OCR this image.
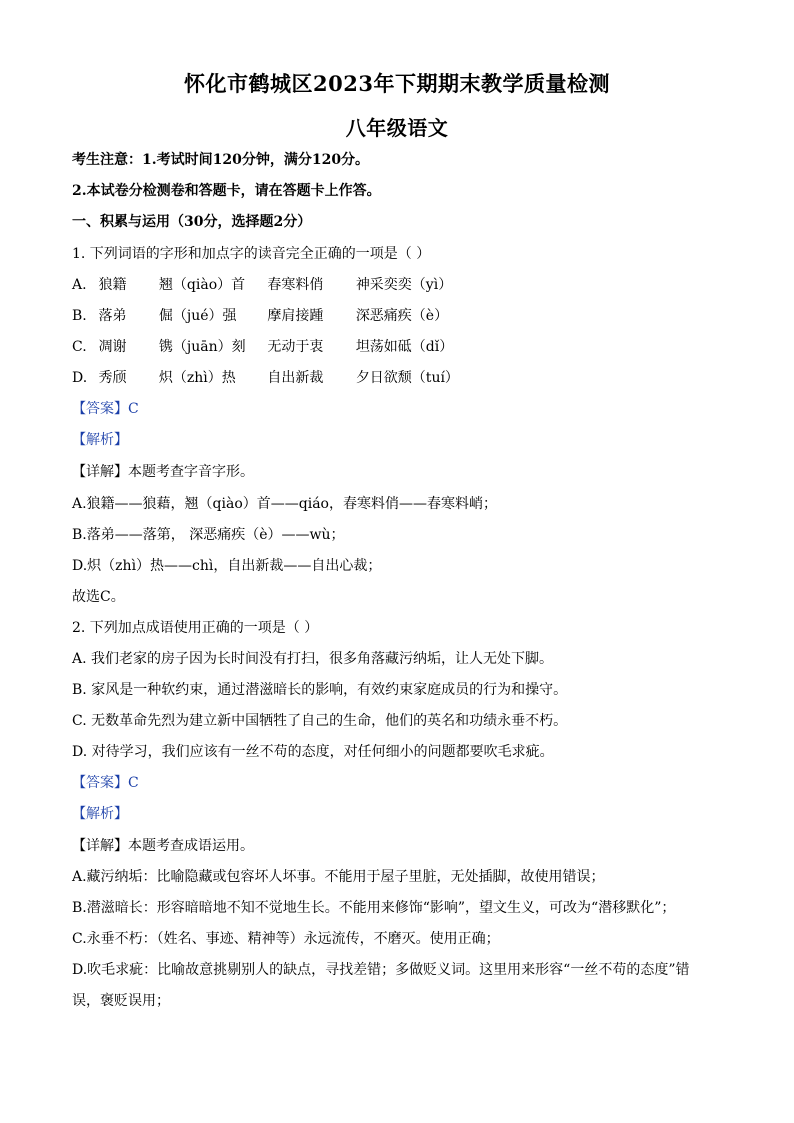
怀化市鹤城区2023年下期期末教学质量检测
八年级语文
考生注意：1.考试时间120分钟，满分120分。
2.本试卷分检测卷和答题卡，请在答题卡上作答。
一、积累与运用（30分，选择题2分）
1. 下列词语的字形和加点字的读音完全正确的一项是（ ）
A. 狼籍 翘（qiào）首 春寒料俏 神采奕奕（yì）
B. 落弟 倔（jué）强 摩肩接踵 深恶痛疾（è）
C. 凋谢 镌（juān）刻 无动于衷 坦荡如砥（dǐ）
D. 秀颀 炽（zhì）热 自出新裁 夕日欲颓（tuí）
【答案】C
【解析】
【详解】本题考查字音字形。
A.狼籍——狼藉，翘（qiào）首——qiáo，春寒料俏——春寒料峭；
B.落弟——落第， 深恶痛疾（è）——wù；
D.炽（zhì）热——chì，自出新裁——自出心裁；
故选C。
2. 下列加点成语使用正确的一项是（ ）
A. 我们老家的房子因为长时间没有打扫，很多角落藏污纳垢，让人无处下脚。
B. 家风是一种软约束，通过潜滋暗长的影响，有效约束家庭成员的行为和操守。
C. 无数革命先烈为建立新中国牺牲了自己的生命，他们的英名和功绩永垂不朽。
D. 对待学习，我们应该有一丝不苟的态度，对任何细小的问题都要吹毛求疵。
【答案】C
【解析】
【详解】本题考查成语运用。
A.藏污纳垢：比喻隐藏或包容坏人坏事。不能用于屋子里脏，无处插脚，故使用错误；
B.潜滋暗长：形容暗暗地不知不觉地生长。不能用来修饰“影响”，望文生义，可改为“潜移默化”；
C.永垂不朽：（姓名、事迹、精神等）永远流传，不磨灭。使用正确；
D.吹毛求疵：比喻故意挑剔别人的缺点，寻找差错；多做贬义词。这里用来形容“一丝不苟的态度”错
误，褒贬误用；
